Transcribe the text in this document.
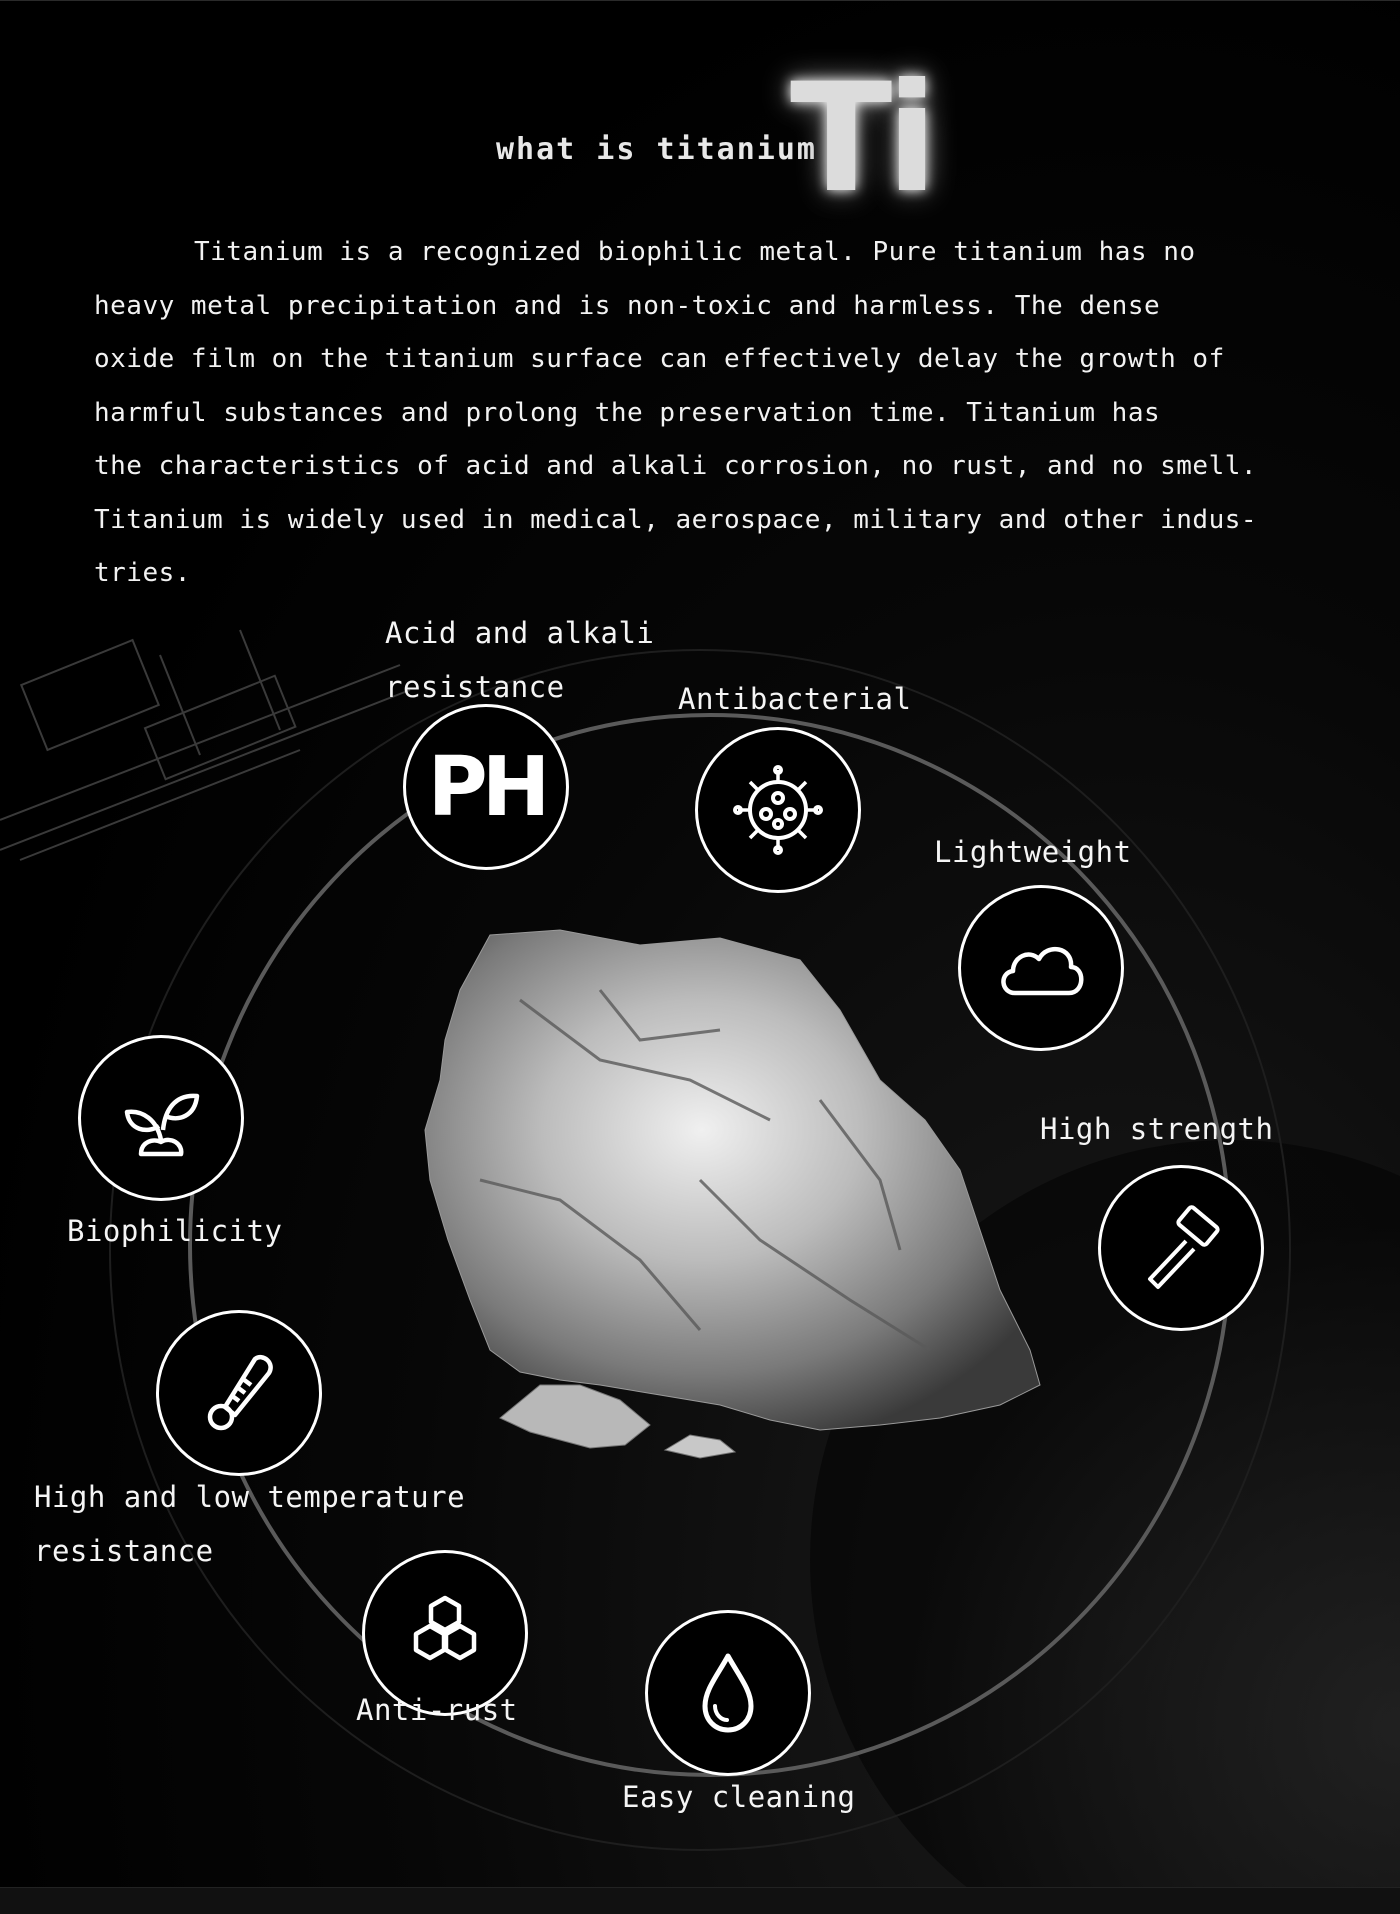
what is titanium
Ti
Titanium is a recognized biophilic metal. Pure titanium has no
heavy metal precipitation and is non-toxic and harmless. The dense
oxide film on the titanium surface can effectively delay the growth of
harmful substances and prolong the preservation time. Titanium has
the characteristics of acid and alkali corrosion, no rust, and no smell.
Titanium is widely used in medical, aerospace, military and other indus-
tries.
Acid and alkali
resistance
PH
Antibacterial
Lightweight
High strength
Biophilicity
High and low temperature
resistance
Anti-rust
Easy cleaning
